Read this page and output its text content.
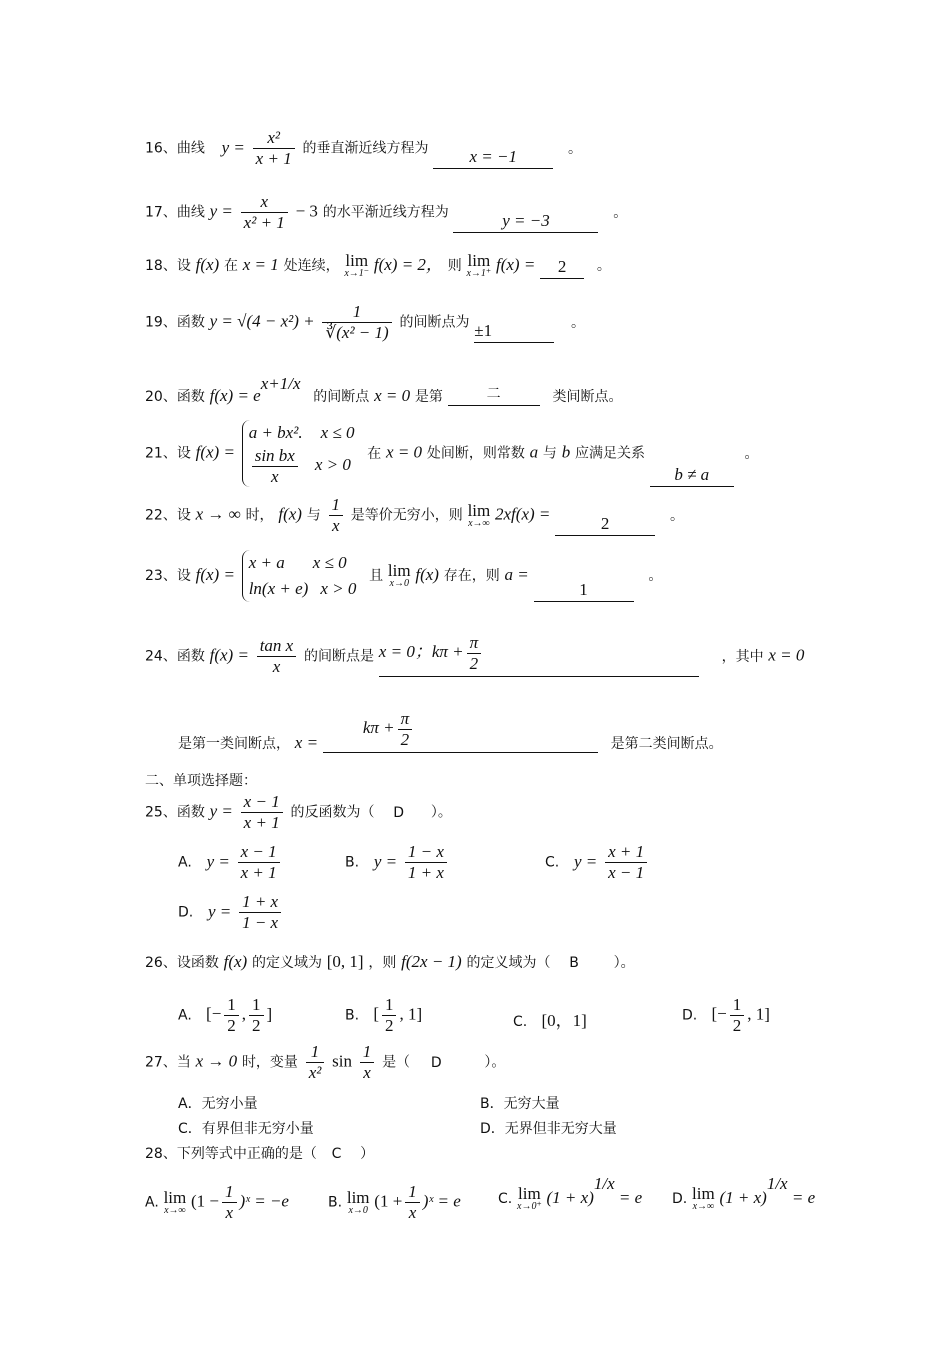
16、曲线 $y = \frac{\text{x²}}{x + 1}$ 的垂直渐近线方程为 x = −1	。
17、曲线 $y = \frac{x}{\text{x² + 1}} - 3$ 的水平渐近线方程为	y = −3	。
18、设 f(x) 在 x = 1 处连续， lim
x→1⁻ f(x) = 2， 则 lim
x→1⁺ f(x) = 2 。
19、函数 $y = √(4 - x^2) + \frac{1}{\text{∛(x² − 1)}}$ 的间断点为 ±1	。
20、函数 $f(x) = e^{x+1/x}$ 的间断点 x = 0 是第	二	类间断点。
21、设 f(x) =
a + bx². x ≤ 0
$\frac{\text{sin bx}}{x}$ x > 0
在 x = 0 处间断，则常数 a 与 b 应满足关系 b ≠ a 。
22、设 x → ∞ 时， f(x) 与 $\frac{1}{x}$ 是等价无穷小，则 lim
x→∞ 2xf(x) =	2	。
23、设 f(x) =
x + a x ≤ 0
ln(x + e) x > 0
且 lim
x→0 f(x) 存在，则 a = 1 。
24、函数 $f(x) = \frac{\text{tan x}}{x}$ 的间断点是 x = 0；$k\pi + \frac{\pi}{2}$	，其中 x = 0
是第一类间断点， $x = k\pi + \frac{\pi}{2}$	是第二类间断点。
二、单项选择题：
25、函数 $y = \frac{x - 1}{x + 1}$ 的反函数为（ D ）。
A. $y = \frac{x - 1}{x + 1}$	B. $y = \frac{1 - x}{1 + x}$	C. $y = \frac{x + 1}{x - 1}$
D. $y = \frac{1 + x}{1 - x}$
26、设函数 f(x) 的定义域为 [0, 1] ，则 f(2x − 1) 的定义域为（ B ）。
A. [− $\frac{1}{2}$ , $\frac{1}{2}$ ]	B. [ $\frac{1}{2}$ , 1]	C. [0，1]	D. [− $\frac{1}{2}$ , 1]
27、当 x → 0 时，变量 $\frac{1}{\text{x²}}$ $\sin \frac{1}{x}$ 是（ D	）。
A．无穷小量	B．无穷大量
C．有界但非无穷小量	D．无界但非无穷大量
28、下列等式中正确的是（ C ）
A. lim
x→∞ ($1 - \frac{1}{x}$ )ˣ = −e	B. lim
x→0 ($1 + \frac{1}{x}$ )ˣ = e	C. lim
x→0⁺ $(1 + x)^{1/x} = e$ D. lim
x→∞ $(1 + x)^{1/x} = e$
